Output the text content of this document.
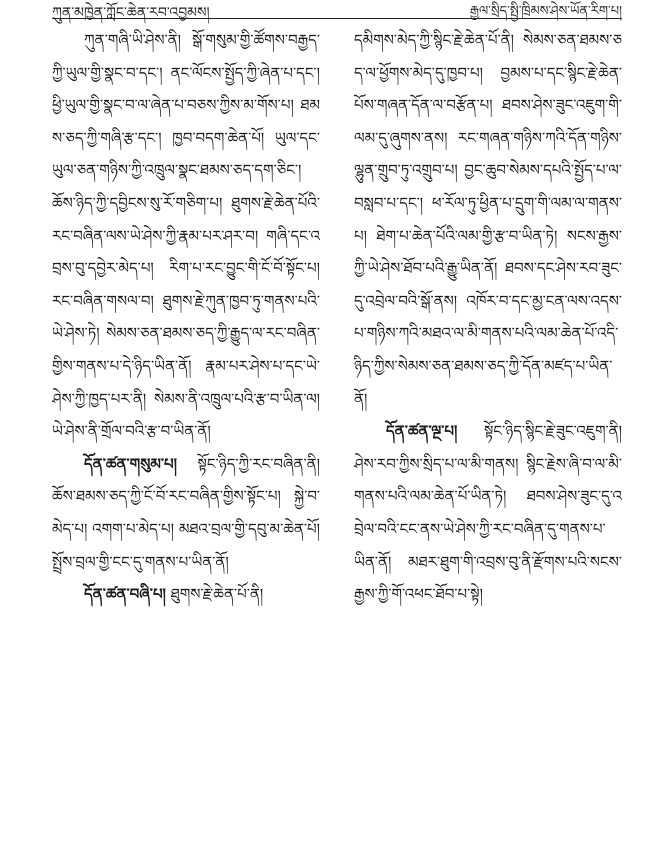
ཀུན་མཁྱེན་ཀློང་ཆེན་རབ་འབྱམས།	རྒྱལ་སྲིད་སྤྱི་ཁྲིམས་ཤེས་ཡོན་རིག་པ།

ཀུན་གཞི་ཡི་ཤེས་ནི། སྒོ་གསུམ་གྱི་ཚོགས་བརྒྱད་ཀྱི་ཡུལ་གྱི་སྣང་བ་དང་། ནང་ལོངས་སྤྱོད་ཀྱི་ཞེན་པ་དང་། ཕྱི་ཡུལ་གྱི་སྣང་བ་ལ་ཞེན་པ་བཅས་ཀྱིས་མ་གོས་པ། ཐམས་ཅད་ཀྱི་གཞི་རྩ་དང་། ཁྱབ་བདག་ཆེན་པོ། ཡུལ་དང་ཡུལ་ཅན་གཉིས་ཀྱི་འཁྲུལ་སྣང་ཐམས་ཅད་དག་ཅིང་། ཆོས་ཉིད་ཀྱི་དབྱིངས་སུ་རོ་གཅིག་པ། ཐུགས་རྗེ་ཆེན་པོའི་རང་བཞིན་ལས་ཡེ་ཤེས་ཀྱི་རྣམ་པར་ཤར་བ། གཞི་དང་འབྲས་བུ་དབྱེར་མེད་པ། རིག་པ་རང་བྱུང་གི་ངོ་བོ་སྟོང་པ། རང་བཞིན་གསལ་བ། ཐུགས་རྗེ་ཀུན་ཁྱབ་ཏུ་གནས་པའི་ཡེ་ཤེས་ཏེ། སེམས་ཅན་ཐམས་ཅད་ཀྱི་རྒྱུད་ལ་རང་བཞིན་གྱིས་གནས་པ་དེ་ཉིད་ཡིན་ནོ། རྣམ་པར་ཤེས་པ་དང་ཡེ་ཤེས་ཀྱི་ཁྱད་པར་ནི། སེམས་ནི་འཁྲུལ་པའི་རྩ་བ་ཡིན་ལ། ཡེ་ཤེས་ནི་གྲོལ་བའི་རྩ་བ་ཡིན་ནོ།

དོན་ཚན་གསུམ་པ། སྟོང་ཉིད་ཀྱི་རང་བཞིན་ནི། ཆོས་ཐམས་ཅད་ཀྱི་ངོ་བོ་རང་བཞིན་གྱིས་སྟོང་པ། སྐྱེ་བ་མེད་པ། འགག་པ་མེད་པ། མཐའ་བྲལ་གྱི་དབུ་མ་ཆེན་པོ། སྤྲོས་བྲལ་གྱི་ངང་དུ་གནས་པ་ཡིན་ནོ།

དོན་ཚན་བཞི་པ། ཐུགས་རྗེ་ཆེན་པོ་ནི།

དམིགས་མེད་ཀྱི་སྙིང་རྗེ་ཆེན་པོ་ནི། སེམས་ཅན་ཐམས་ཅད་ལ་ཕྱོགས་མེད་དུ་ཁྱབ་པ། བྱམས་པ་དང་སྙིང་རྗེ་ཆེན་པོས་གཞན་དོན་ལ་བརྩོན་པ། ཐབས་ཤེས་ཟུང་འཇུག་གི་ལམ་དུ་ཞུགས་ནས། རང་གཞན་གཉིས་ཀའི་དོན་གཉིས་ལྷུན་གྲུབ་ཏུ་འགྲུབ་པ། བྱང་ཆུབ་སེམས་དཔའི་སྤྱོད་པ་ལ་བསླབ་པ་དང་། ཕ་རོལ་ཏུ་ཕྱིན་པ་དྲུག་གི་ལམ་ལ་གནས་པ། ཐེག་པ་ཆེན་པོའི་ལམ་གྱི་རྩ་བ་ཡིན་ཏེ། སངས་རྒྱས་ཀྱི་ཡེ་ཤེས་ཐོབ་པའི་རྒྱུ་ཡིན་ནོ། ཐབས་དང་ཤེས་རབ་ཟུང་དུ་འབྲེལ་བའི་སྒོ་ནས། འཁོར་བ་དང་མྱ་ངན་ལས་འདས་པ་གཉིས་ཀའི་མཐའ་ལ་མི་གནས་པའི་ལམ་ཆེན་པོ་འདི་ཉིད་ཀྱིས་སེམས་ཅན་ཐམས་ཅད་ཀྱི་དོན་མཛད་པ་ཡིན་ནོ།

དོན་ཚན་ལྔ་པ། སྟོང་ཉིད་སྙིང་རྗེ་ཟུང་འཇུག་ནི། ཤེས་རབ་ཀྱིས་སྲིད་པ་ལ་མི་གནས། སྙིང་རྗེས་ཞི་བ་ལ་མི་གནས་པའི་ལམ་ཆེན་པོ་ཡིན་ཏེ། ཐབས་ཤེས་ཟུང་དུ་འབྲེལ་བའི་ངང་ནས་ཡེ་ཤེས་ཀྱི་རང་བཞིན་དུ་གནས་པ་ཡིན་ནོ། མཐར་ཐུག་གི་འབྲས་བུ་ནི་རྫོགས་པའི་སངས་རྒྱས་ཀྱི་གོ་འཕང་ཐོབ་པ་སྟེ།
